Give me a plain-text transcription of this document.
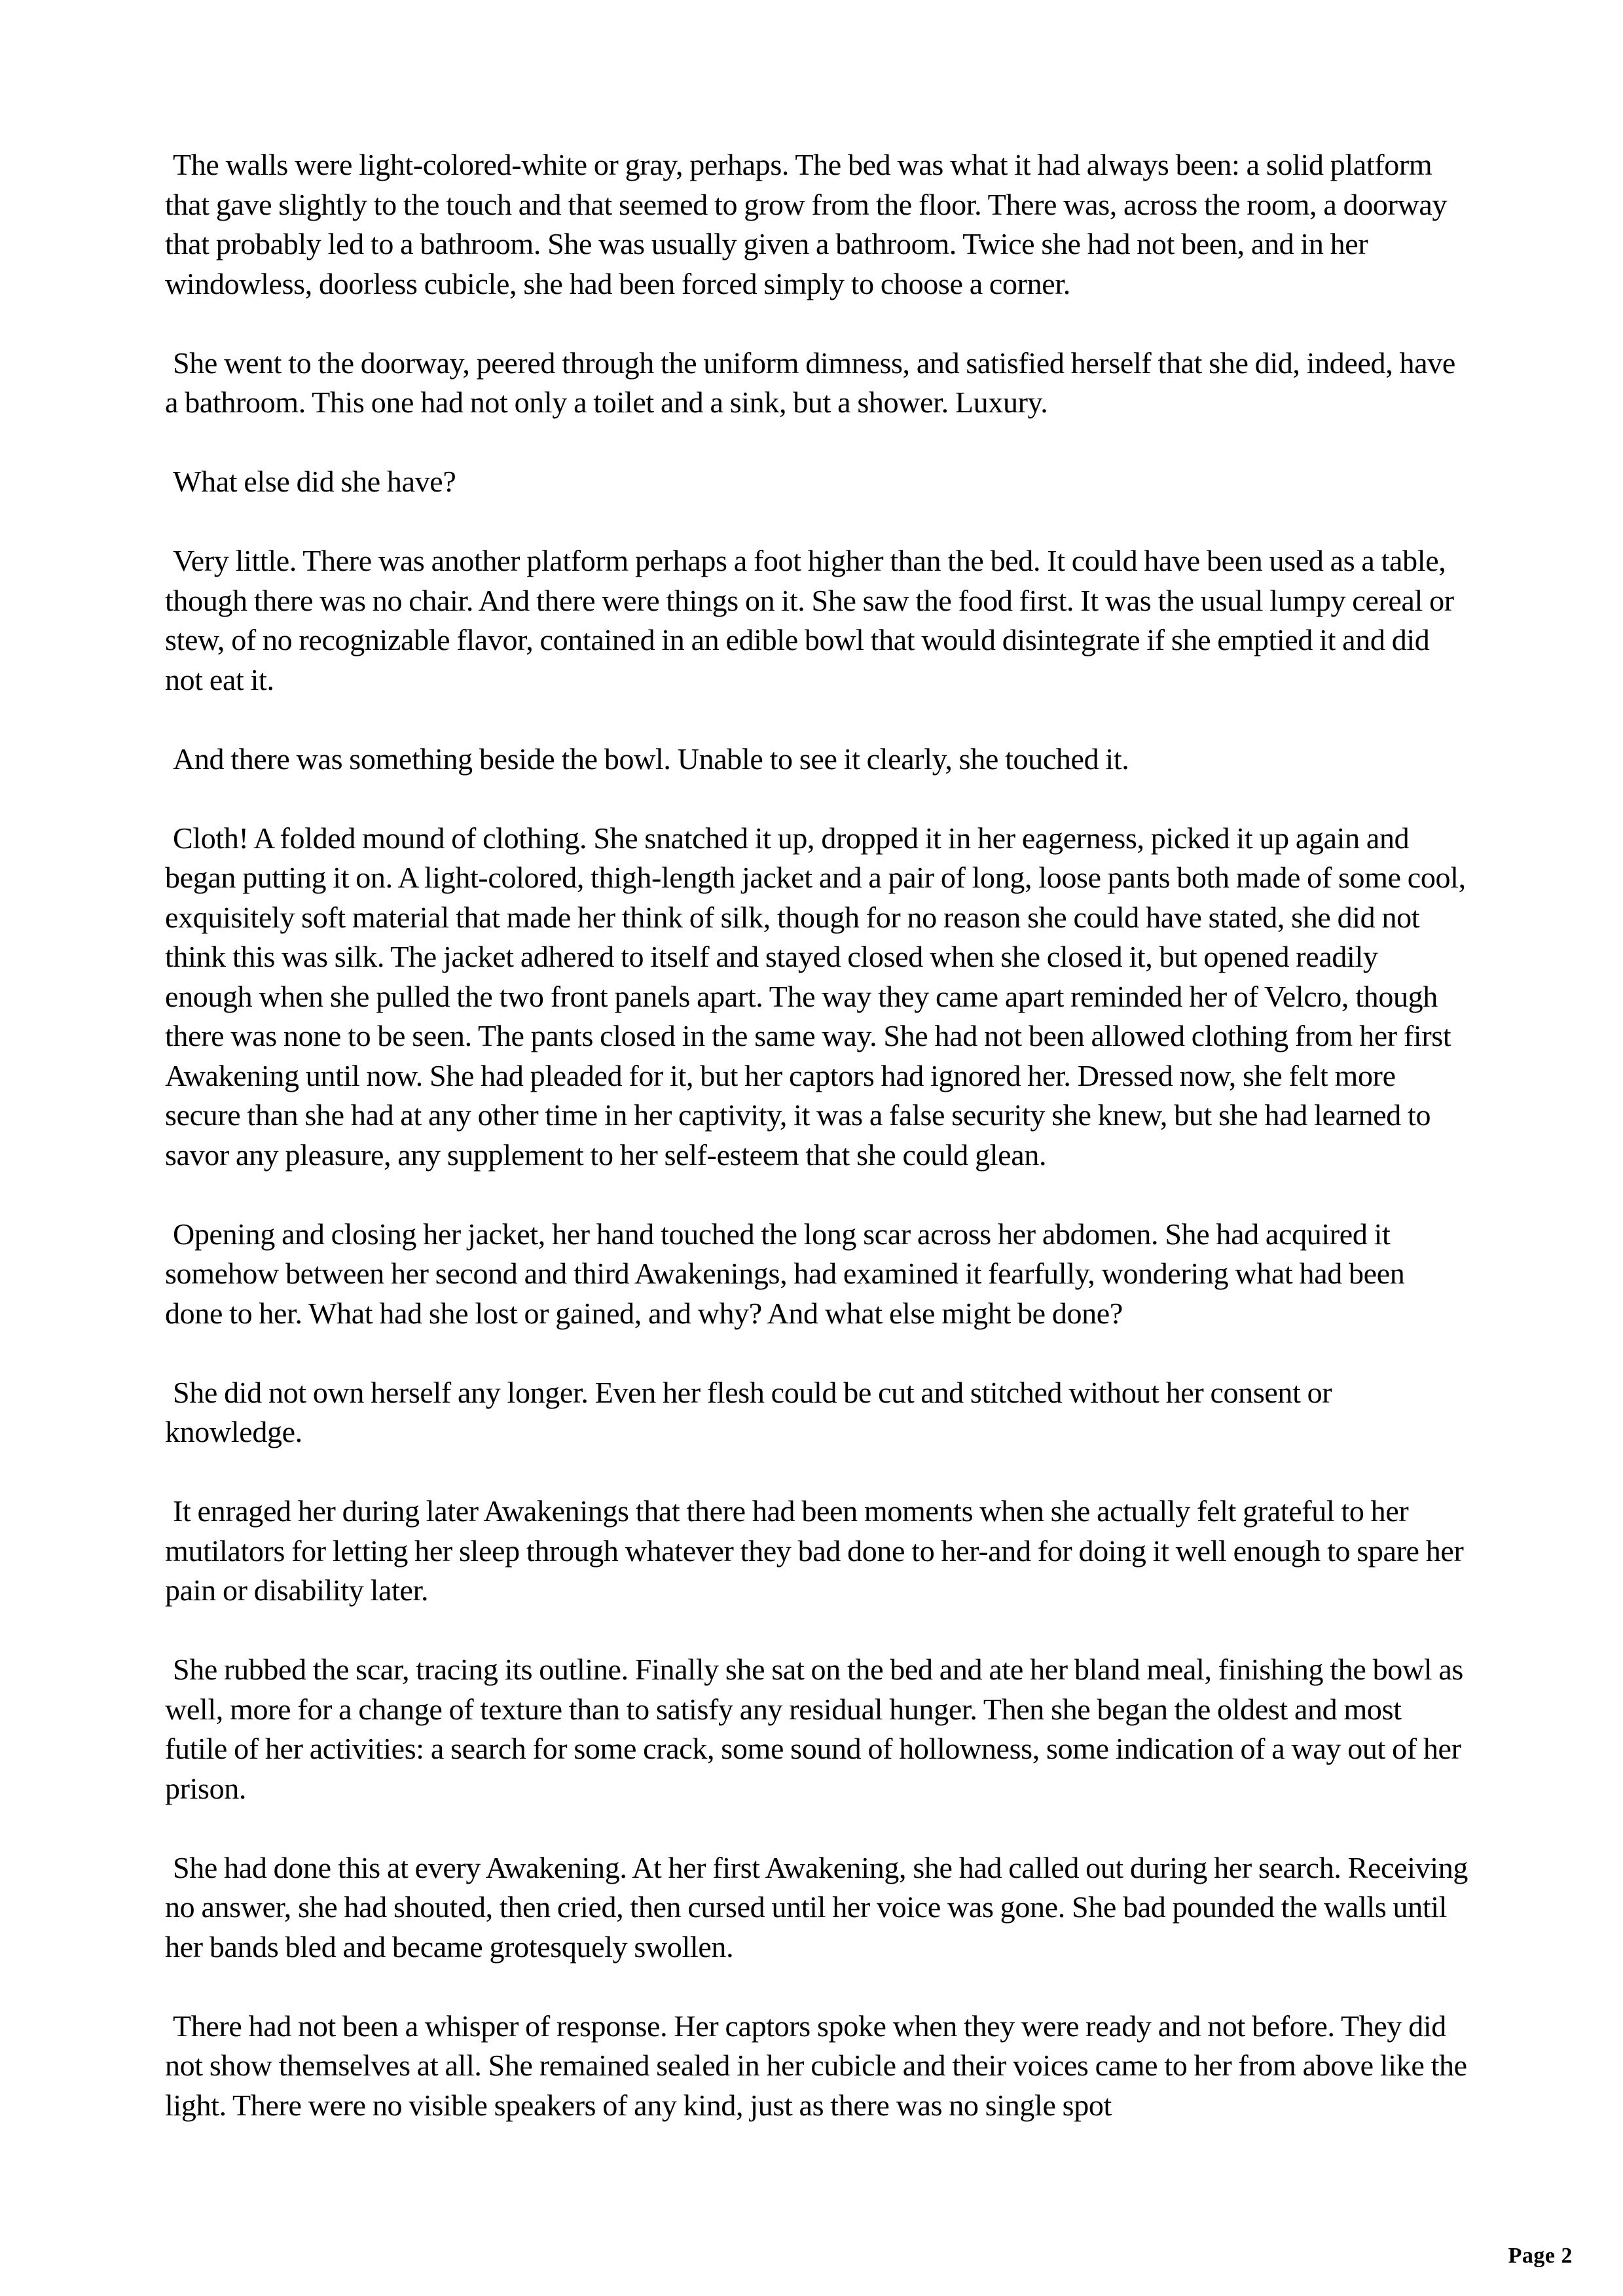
The walls were light-colored-white or gray, perhaps. The bed was what it had always been: a solid platform that gave slightly to the touch and that seemed to grow from the floor. There was, across the room, a doorway that probably led to a bathroom. She was usually given a bathroom. Twice she had not been, and in her windowless, doorless cubicle, she had been forced simply to choose a corner.

She went to the doorway, peered through the uniform dimness, and satisfied herself that she did, indeed, have a bathroom. This one had not only a toilet and a sink, but a shower. Luxury.

What else did she have?

Very little. There was another platform perhaps a foot higher than the bed. It could have been used as a table, though there was no chair. And there were things on it. She saw the food first. It was the usual lumpy cereal or stew, of no recognizable flavor, contained in an edible bowl that would disintegrate if she emptied it and did not eat it.

And there was something beside the bowl. Unable to see it clearly, she touched it.

Cloth! A folded mound of clothing. She snatched it up, dropped it in her eagerness, picked it up again and began putting it on. A light-colored, thigh-length jacket and a pair of long, loose pants both made of some cool, exquisitely soft material that made her think of silk, though for no reason she could have stated, she did not think this was silk. The jacket adhered to itself and stayed closed when she closed it, but opened readily enough when she pulled the two front panels apart. The way they came apart reminded her of Velcro, though there was none to be seen. The pants closed in the same way. She had not been allowed clothing from her first Awakening until now. She had pleaded for it, but her captors had ignored her. Dressed now, she felt more secure than she had at any other time in her captivity, it was a false security she knew, but she had learned to savor any pleasure, any supplement to her self-esteem that she could glean.

Opening and closing her jacket, her hand touched the long scar across her abdomen. She had acquired it somehow between her second and third Awakenings, had examined it fearfully, wondering what had been done to her. What had she lost or gained, and why? And what else might be done?

She did not own herself any longer. Even her flesh could be cut and stitched without her consent or knowledge.

It enraged her during later Awakenings that there had been moments when she actually felt grateful to her mutilators for letting her sleep through whatever they bad done to her-and for doing it well enough to spare her pain or disability later.

She rubbed the scar, tracing its outline. Finally she sat on the bed and ate her bland meal, finishing the bowl as well, more for a change of texture than to satisfy any residual hunger. Then she began the oldest and most futile of her activities: a search for some crack, some sound of hollowness, some indication of a way out of her prison.

She had done this at every Awakening. At her first Awakening, she had called out during her search. Receiving no answer, she had shouted, then cried, then cursed until her voice was gone. She bad pounded the walls until her bands bled and became grotesquely swollen.

There had not been a whisper of response. Her captors spoke when they were ready and not before. They did not show themselves at all. She remained sealed in her cubicle and their voices came to her from above like the light. There were no visible speakers of any kind, just as there was no single spot

Page 2
